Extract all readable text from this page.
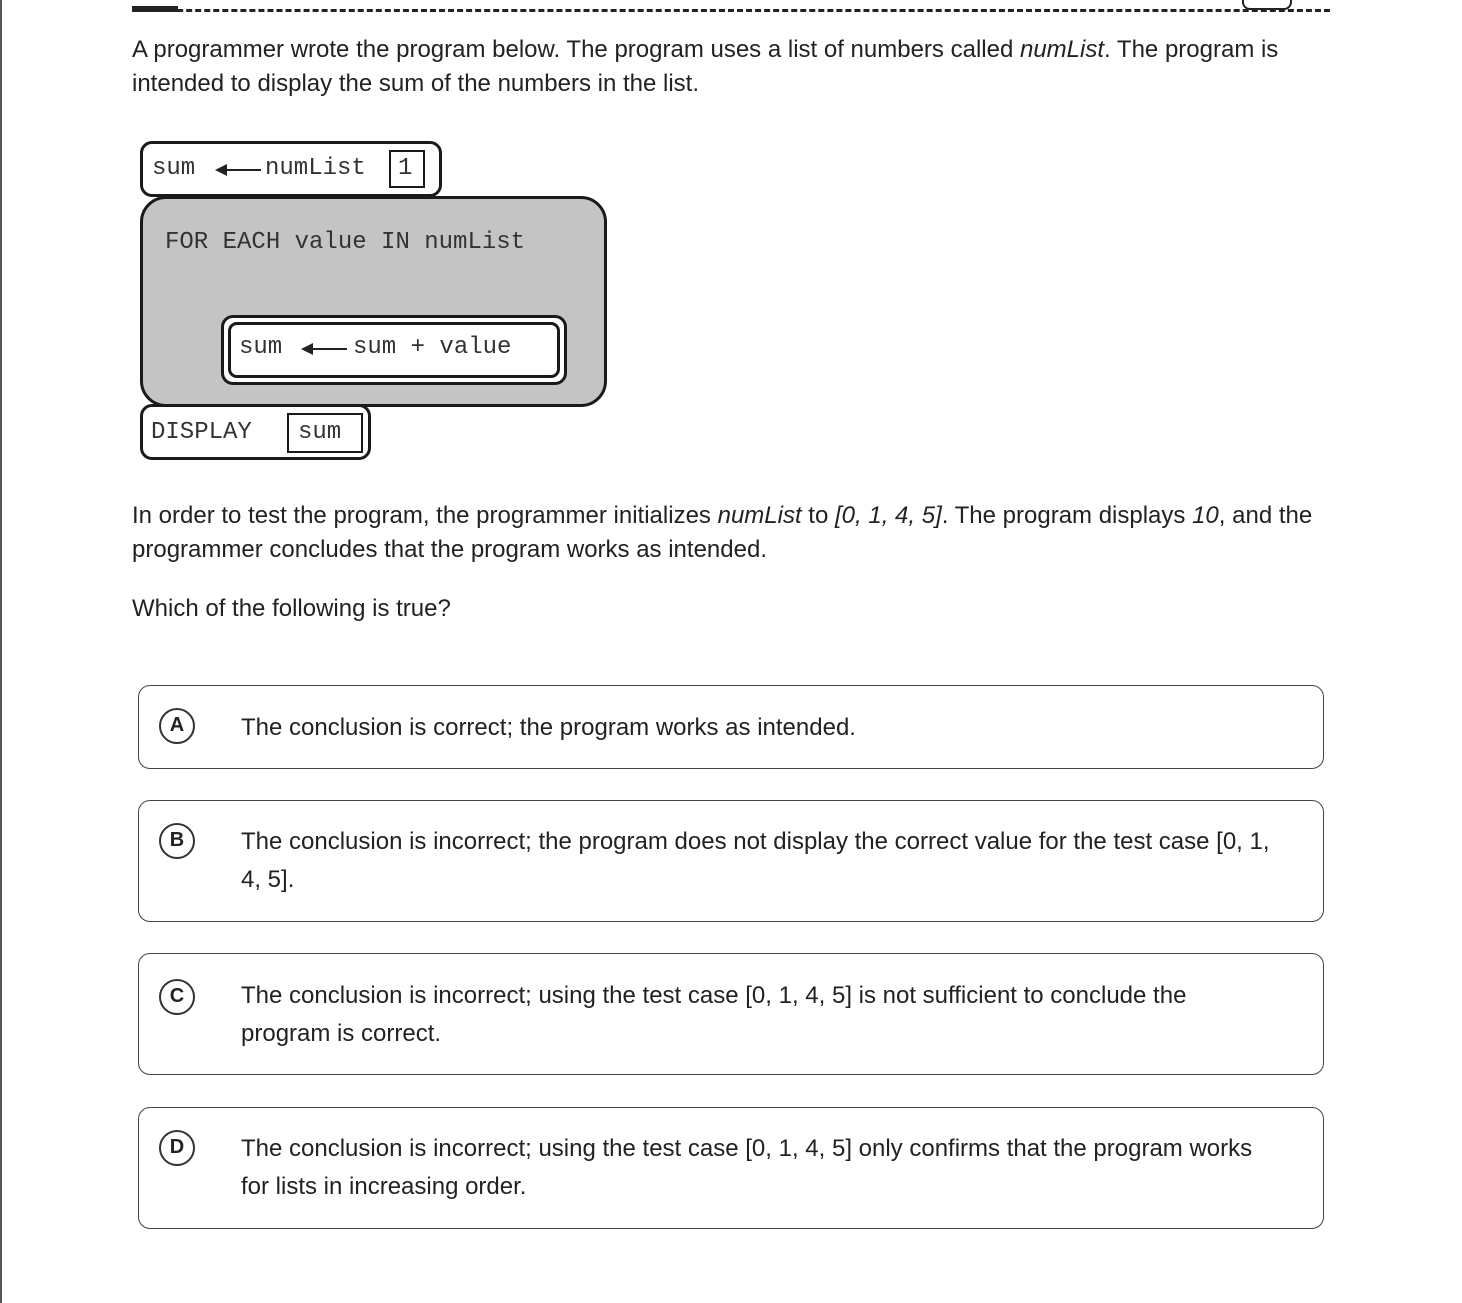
A programmer wrote the program below. The program uses a list of numbers called numList. The program is intended to display the sum of the numbers in the list.

sum	numList 1
FOR EACH value IN numList
sum	sum + value
DISPLAY sum

In order to test the program, the programmer initializes numList to [0, 1, 4, 5]. The program displays 10, and the programmer concludes that the program works as intended.

Which of the following is true?

A	The conclusion is correct; the program works as intended.
B	The conclusion is incorrect; the program does not display the correct value for the test case [0, 1, 4, 5].
C	The conclusion is incorrect; using the test case [0, 1, 4, 5] is not sufficient to conclude the program is correct.
D	The conclusion is incorrect; using the test case [0, 1, 4, 5] only confirms that the program works for lists in increasing order.
